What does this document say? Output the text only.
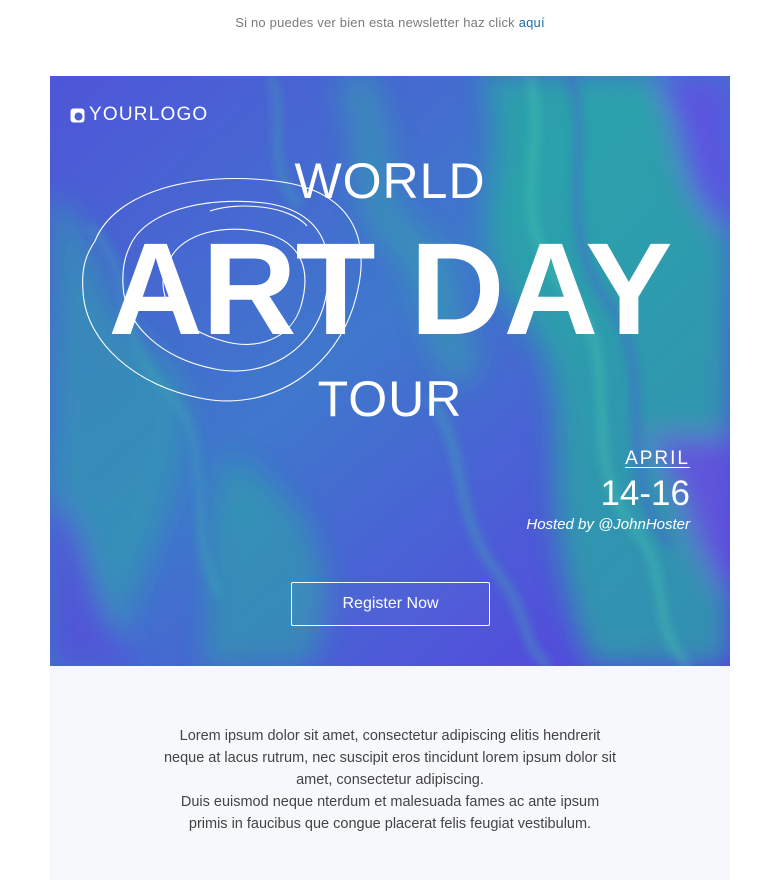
Si no puedes ver bien esta newsletter haz click aquí
YOURLOGO
WORLD
ART DAY
TOUR
APRIL
14-16
Hosted by @JohnHoster
Register Now

Lorem ipsum dolor sit amet, consectetur adipiscing elitis hendrerit neque at lacus rutrum, nec suscipit eros tincidunt lorem ipsum dolor sit amet, consectetur adipiscing.
Duis euismod neque nterdum et malesuada fames ac ante ipsum primis in faucibus que congue placerat felis feugiat vestibulum.
